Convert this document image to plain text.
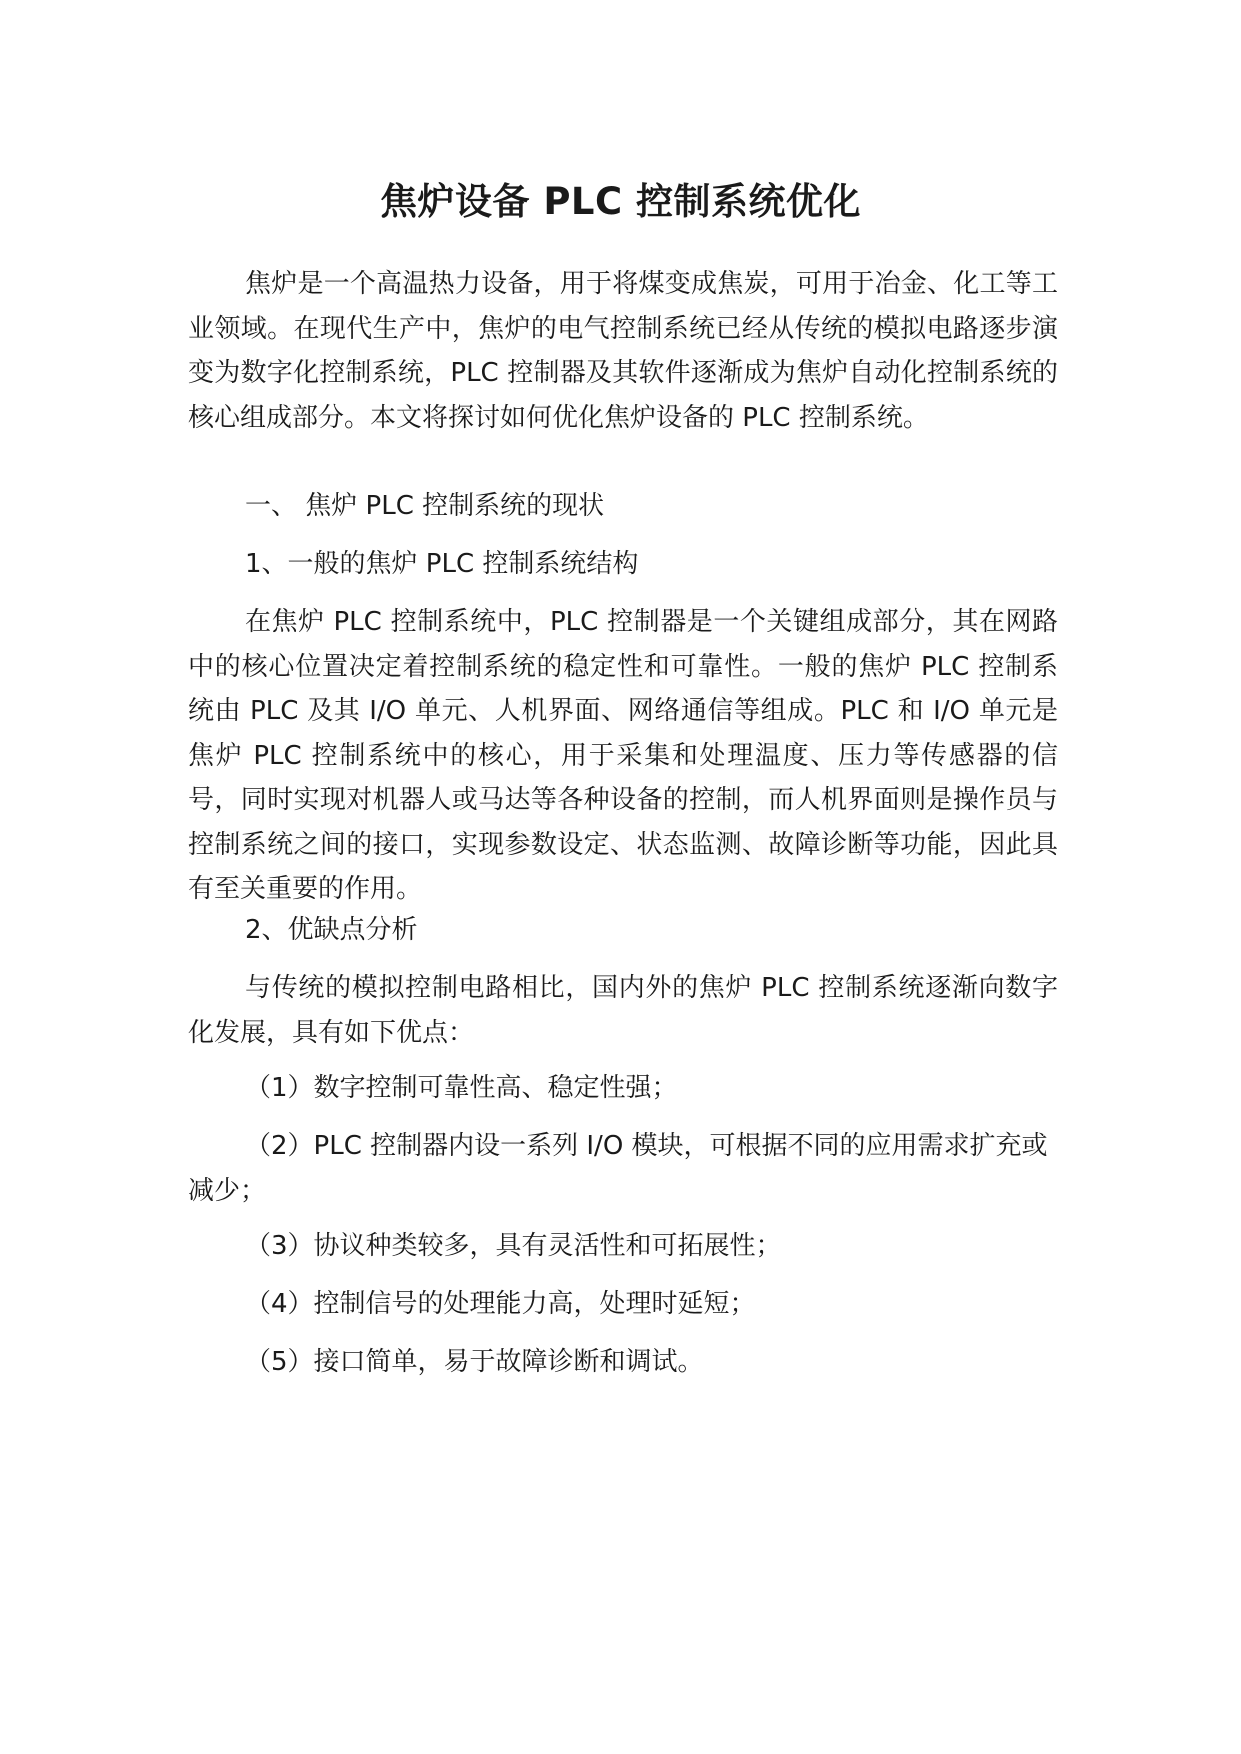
焦炉设备 PLC 控制系统优化

焦炉是一个高温热力设备，用于将煤变成焦炭，可用于冶金、化工等工业领域。在现代生产中，焦炉的电气控制系统已经从传统的模拟电路逐步演变为数字化控制系统，PLC 控制器及其软件逐渐成为焦炉自动化控制系统的核心组成部分。本文将探讨如何优化焦炉设备的 PLC 控制系统。

一、 焦炉 PLC 控制系统的现状

1、一般的焦炉 PLC 控制系统结构

在焦炉 PLC 控制系统中，PLC 控制器是一个关键组成部分，其在网路中的核心位置决定着控制系统的稳定性和可靠性。一般的焦炉 PLC 控制系统由 PLC 及其 I/O 单元、人机界面、网络通信等组成。PLC 和 I/O 单元是焦炉 PLC 控制系统中的核心，用于采集和处理温度、压力等传感器的信号，同时实现对机器人或马达等各种设备的控制，而人机界面则是操作员与控制系统之间的接口，实现参数设定、状态监测、故障诊断等功能，因此具有至关重要的作用。

2、优缺点分析

与传统的模拟控制电路相比，国内外的焦炉 PLC 控制系统逐渐向数字化发展，具有如下优点：

（1）数字控制可靠性高、稳定性强；

（2）PLC 控制器内设一系列 I/O 模块，可根据不同的应用需求扩充或减少；

（3）协议种类较多，具有灵活性和可拓展性；

（4）控制信号的处理能力高，处理时延短；

（5）接口简单，易于故障诊断和调试。
